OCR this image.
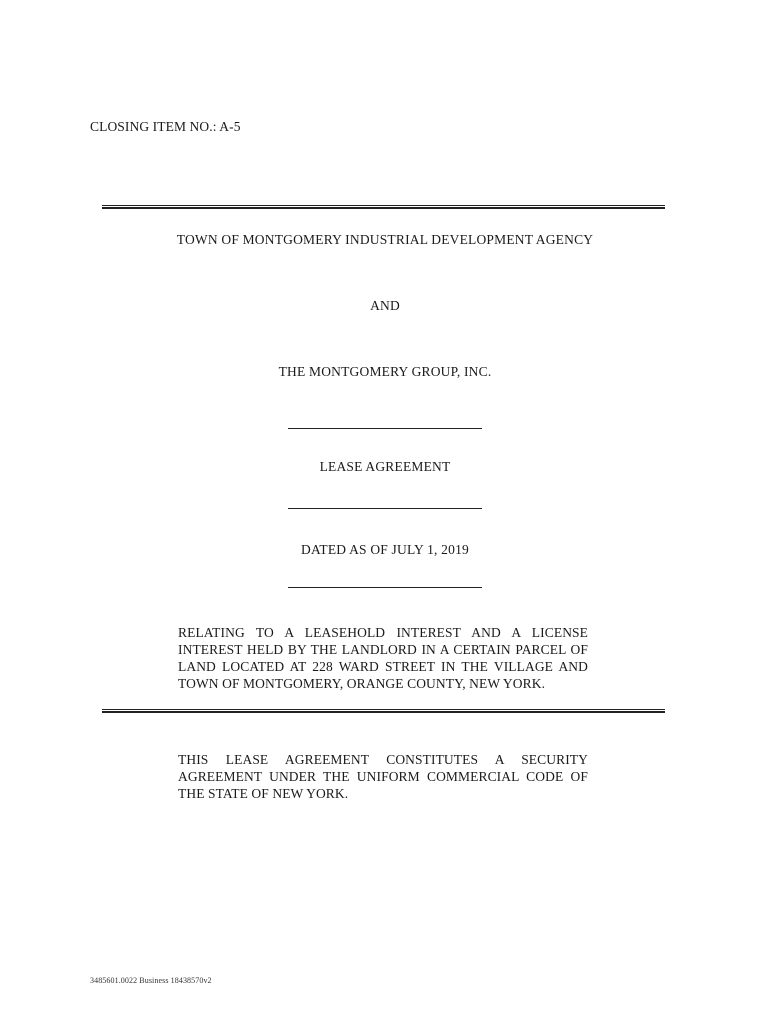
CLOSING ITEM NO.: A-5
TOWN OF MONTGOMERY INDUSTRIAL DEVELOPMENT AGENCY
AND
THE MONTGOMERY GROUP, INC.
LEASE AGREEMENT
DATED AS OF JULY 1, 2019
RELATING TO A LEASEHOLD INTEREST AND A LICENSE INTEREST HELD BY THE LANDLORD IN A CERTAIN PARCEL OF LAND LOCATED AT 228 WARD STREET IN THE VILLAGE AND TOWN OF MONTGOMERY, ORANGE COUNTY, NEW YORK.
THIS LEASE AGREEMENT CONSTITUTES A SECURITY AGREEMENT UNDER THE UNIFORM COMMERCIAL CODE OF THE STATE OF NEW YORK.
3485601.0022 Business 18438570v2
